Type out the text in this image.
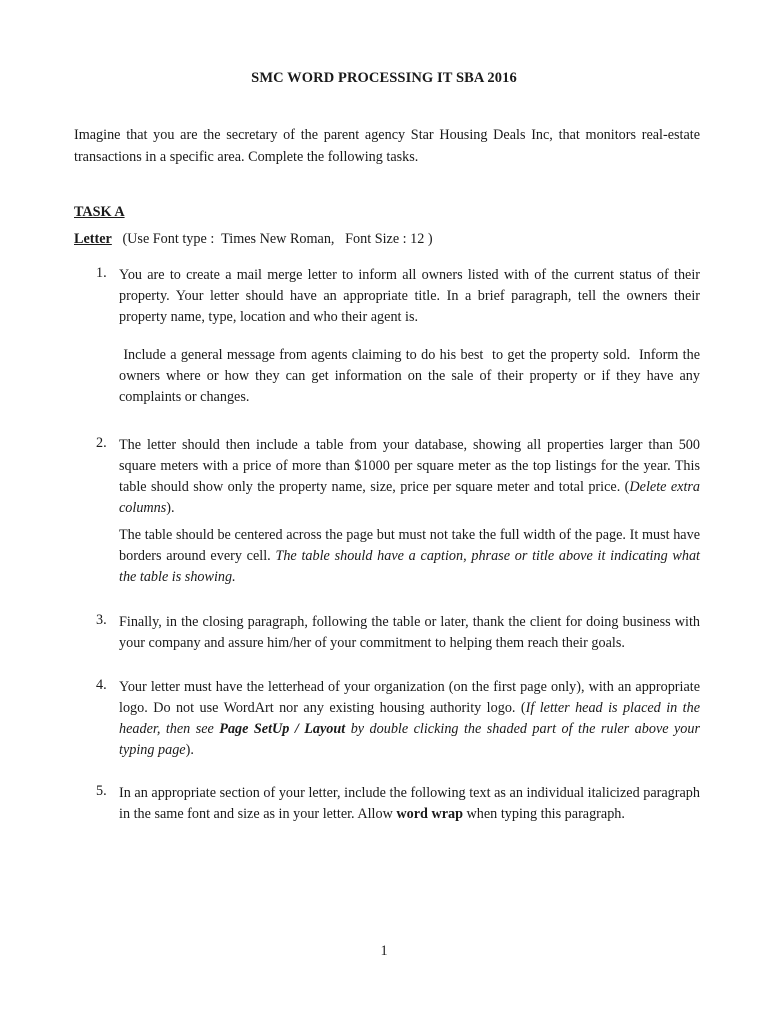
SMC WORD PROCESSING IT SBA 2016
Imagine that you are the secretary of the parent agency Star Housing Deals Inc, that monitors real-estate transactions in a specific area. Complete the following tasks.
TASK A
Letter   (Use Font type :  Times New Roman,   Font Size : 12 )
1. You are to create a mail merge letter to inform all owners listed with of the current status of their property. Your letter should have an appropriate title. In a brief paragraph, tell the owners their property name, type, location and who their agent is.

Include a general message from agents claiming to do his best  to get the property sold.  Inform the owners where or how they can get information on the sale of their property or if they have any complaints or changes.

2. The letter should then include a table from your database, showing all properties larger than 500 square meters with a price of more than $1000 per square meter as the top listings for the year. This table should show only the property name, size, price per square meter and total price. (Delete extra columns).

The table should be centered across the page but must not take the full width of the page. It must have borders around every cell. The table should have a caption, phrase or title above it indicating what the table is showing.

3. Finally, in the closing paragraph, following the table or later, thank the client for doing business with your company and assure him/her of your commitment to helping them reach their goals.

4. Your letter must have the letterhead of your organization (on the first page only), with an appropriate logo. Do not use WordArt nor any existing housing authority logo. (If letter head is placed in the header, then see Page SetUp / Layout by double clicking the shaded part of the ruler above your typing page).

5. In an appropriate section of your letter, include the following text as an individual italicized paragraph in the same font and size as in your letter. Allow word wrap when typing this paragraph.

1
